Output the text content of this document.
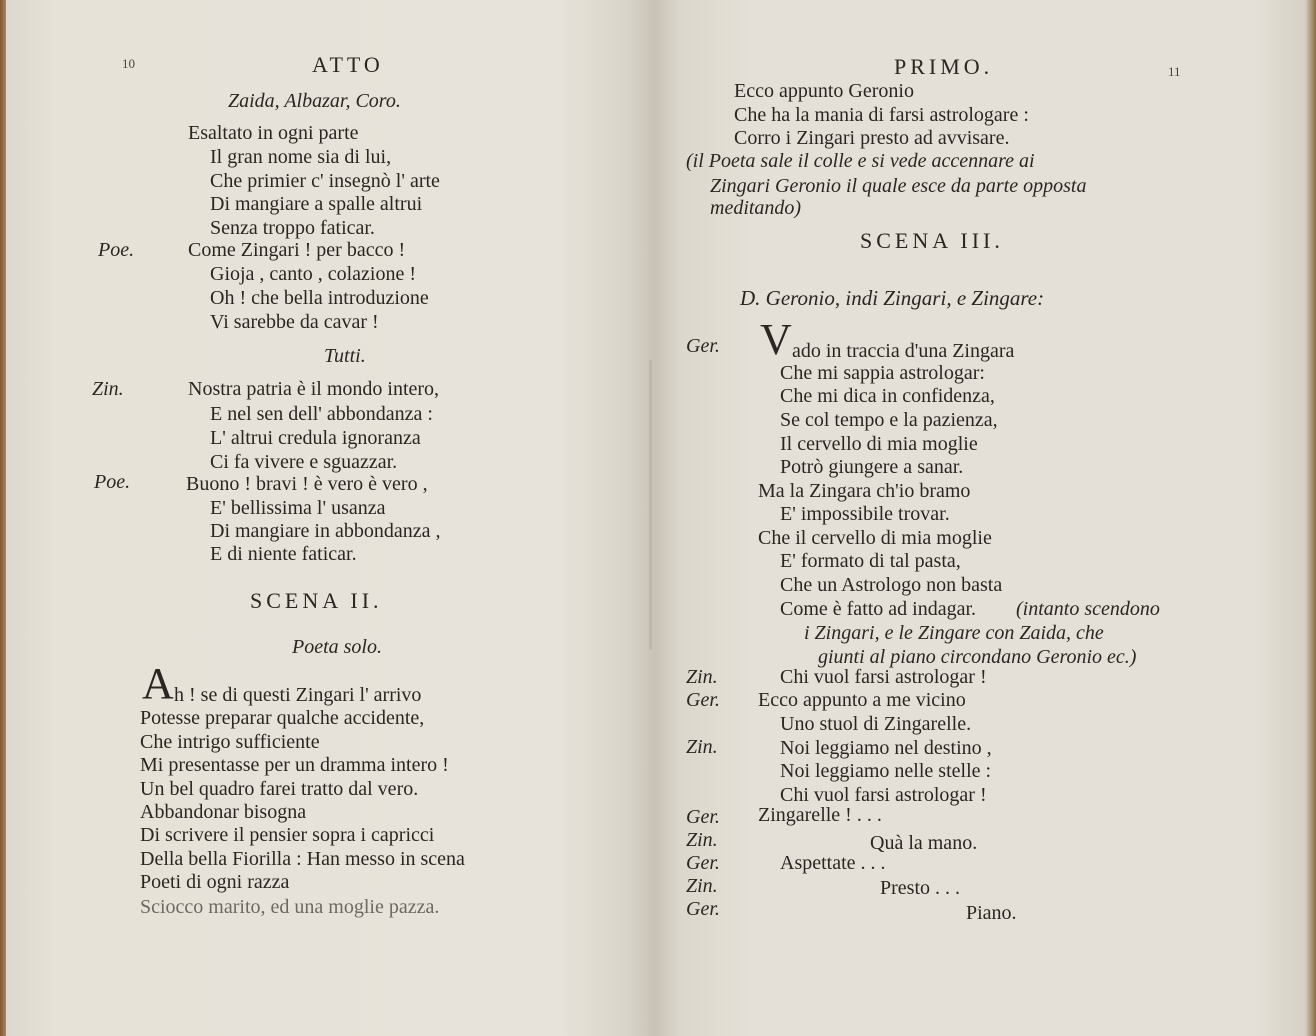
10	ATTO
Zaida, Albazar, Coro.
Esaltato in ogni parte
Il gran nome sia di lui,
Che primier c' insegnò l' arte
Di mangiare a spalle altrui
Senza troppo faticar.
Poe.	Come Zingari ! per bacco !
Gioja , canto , colazione !
Oh ! che bella introduzione
Vi sarebbe da cavar !
Tutti.
Zin.	Nostra patria è il mondo intero,
E nel sen dell' abbondanza :
L' altrui credula ignoranza
Ci fa vivere e sguazzar.
Poe.	Buono ! bravi ! è vero è vero ,
E' bellissima l' usanza
Di mangiare in abbondanza ,
E di niente faticar.
SCENA II.
Poeta solo.
A h ! se di questi Zingari l' arrivo
Potesse preparar qualche accidente,
Che intrigo sufficiente
Mi presentasse per un dramma intero !
Un bel quadro farei tratto dal vero.
Abbandonar bisogna
Di scrivere il pensier sopra i capricci
Della bella Fiorilla : Han messo in scena
Poeti di ogni razza
Sciocco marito, ed una moglie pazza.
PRIMO.	11
Ecco appunto Geronio
Che ha la mania di farsi astrologare :
Corro i Zingari presto ad avvisare.
(il Poeta sale il colle e si vede accennare ai
Zingari Geronio il quale esce da parte opposta
meditando)
SCENA III.
D. Geronio, indi Zingari, e Zingare:
Ger. V ado in traccia d'una Zingara
Che mi sappia astrologar:
Che mi dica in confidenza,
Se col tempo e la pazienza,
Il cervello di mia moglie
Potrò giungere a sanar.
Ma la Zingara ch'io bramo
E' impossibile trovar.
Che il cervello di mia moglie
E' formato di tal pasta,
Che un Astrologo non basta
Come è fatto ad indagar. (intanto scendono
i Zingari, e le Zingare con Zaida, che
giunti al piano circondano Geronio ec.)
Zin.	Chi vuol farsi astrologar !
Ger. Ecco appunto a me vicino
Uno stuol di Zingarelle.
Zin.	Noi leggiamo nel destino ,
Noi leggiamo nelle stelle :
Chi vuol farsi astrologar !
Ger. Zingarelle ! . . .
Zin.	Quà la mano.
Ger.	Aspettate . . .
Zin.	Presto . . .
Ger.	Piano.
